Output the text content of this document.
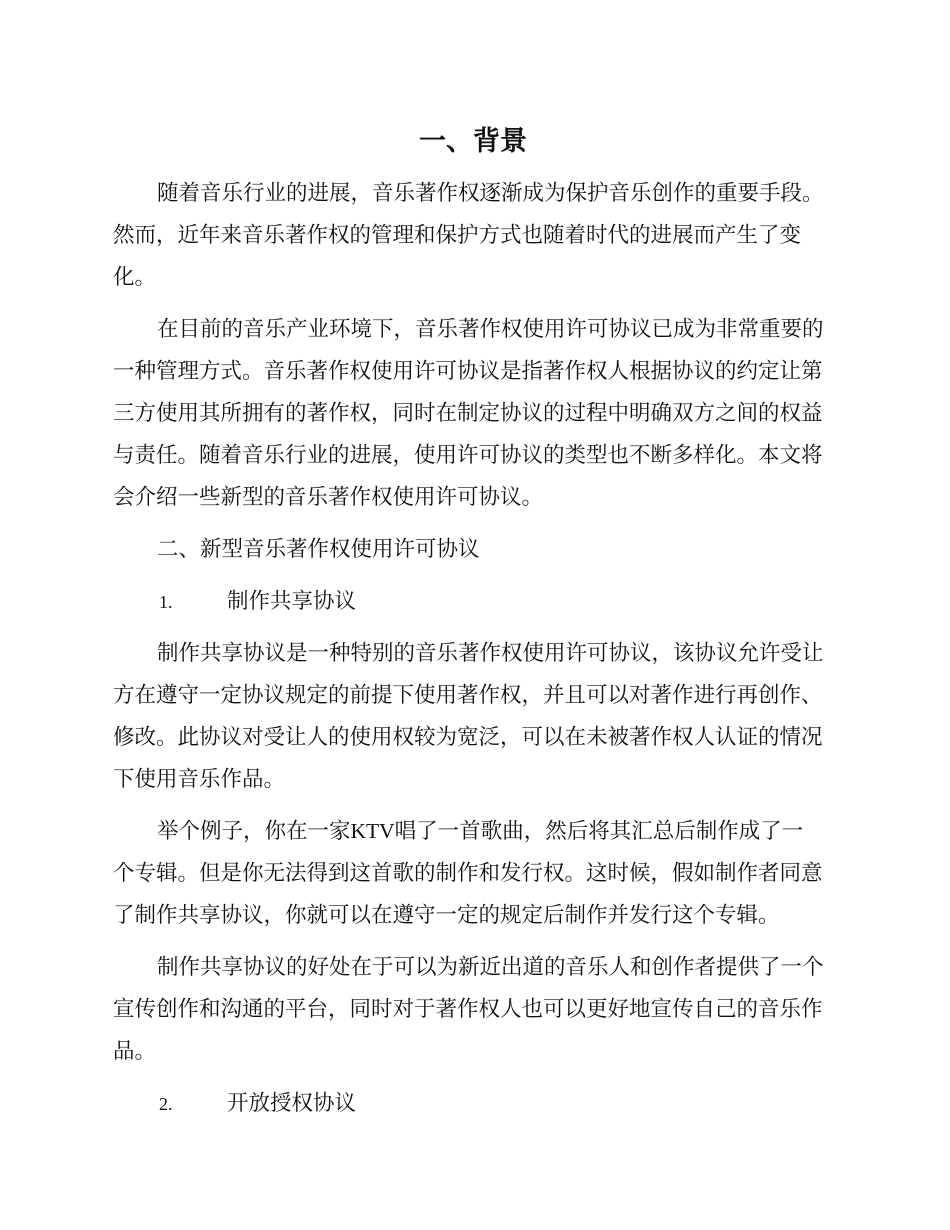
一、背景
随着音乐行业的进展，音乐著作权逐渐成为保护音乐创作的重要手段。
然而，近年来音乐著作权的管理和保护方式也随着时代的进展而产生了变
化。
在目前的音乐产业环境下，音乐著作权使用许可协议已成为非常重要的
一种管理方式。音乐著作权使用许可协议是指著作权人根据协议的约定让第
三方使用其所拥有的著作权，同时在制定协议的过程中明确双方之间的权益
与责任。随着音乐行业的进展，使用许可协议的类型也不断多样化。本文将
会介绍一些新型的音乐著作权使用许可协议。
二、新型音乐著作权使用许可协议
1.	制作共享协议
制作共享协议是一种特别的音乐著作权使用许可协议，该协议允许受让
方在遵守一定协议规定的前提下使用著作权，并且可以对著作进行再创作、
修改。此协议对受让人的使用权较为宽泛，可以在未被著作权人认证的情况
下使用音乐作品。
举个例子，你在一家KTV唱了一首歌曲，然后将其汇总后制作成了一
个专辑。但是你无法得到这首歌的制作和发行权。这时候，假如制作者同意
了制作共享协议，你就可以在遵守一定的规定后制作并发行这个专辑。
制作共享协议的好处在于可以为新近出道的音乐人和创作者提供了一个
宣传创作和沟通的平台，同时对于著作权人也可以更好地宣传自己的音乐作
品。
2.	开放授权协议
